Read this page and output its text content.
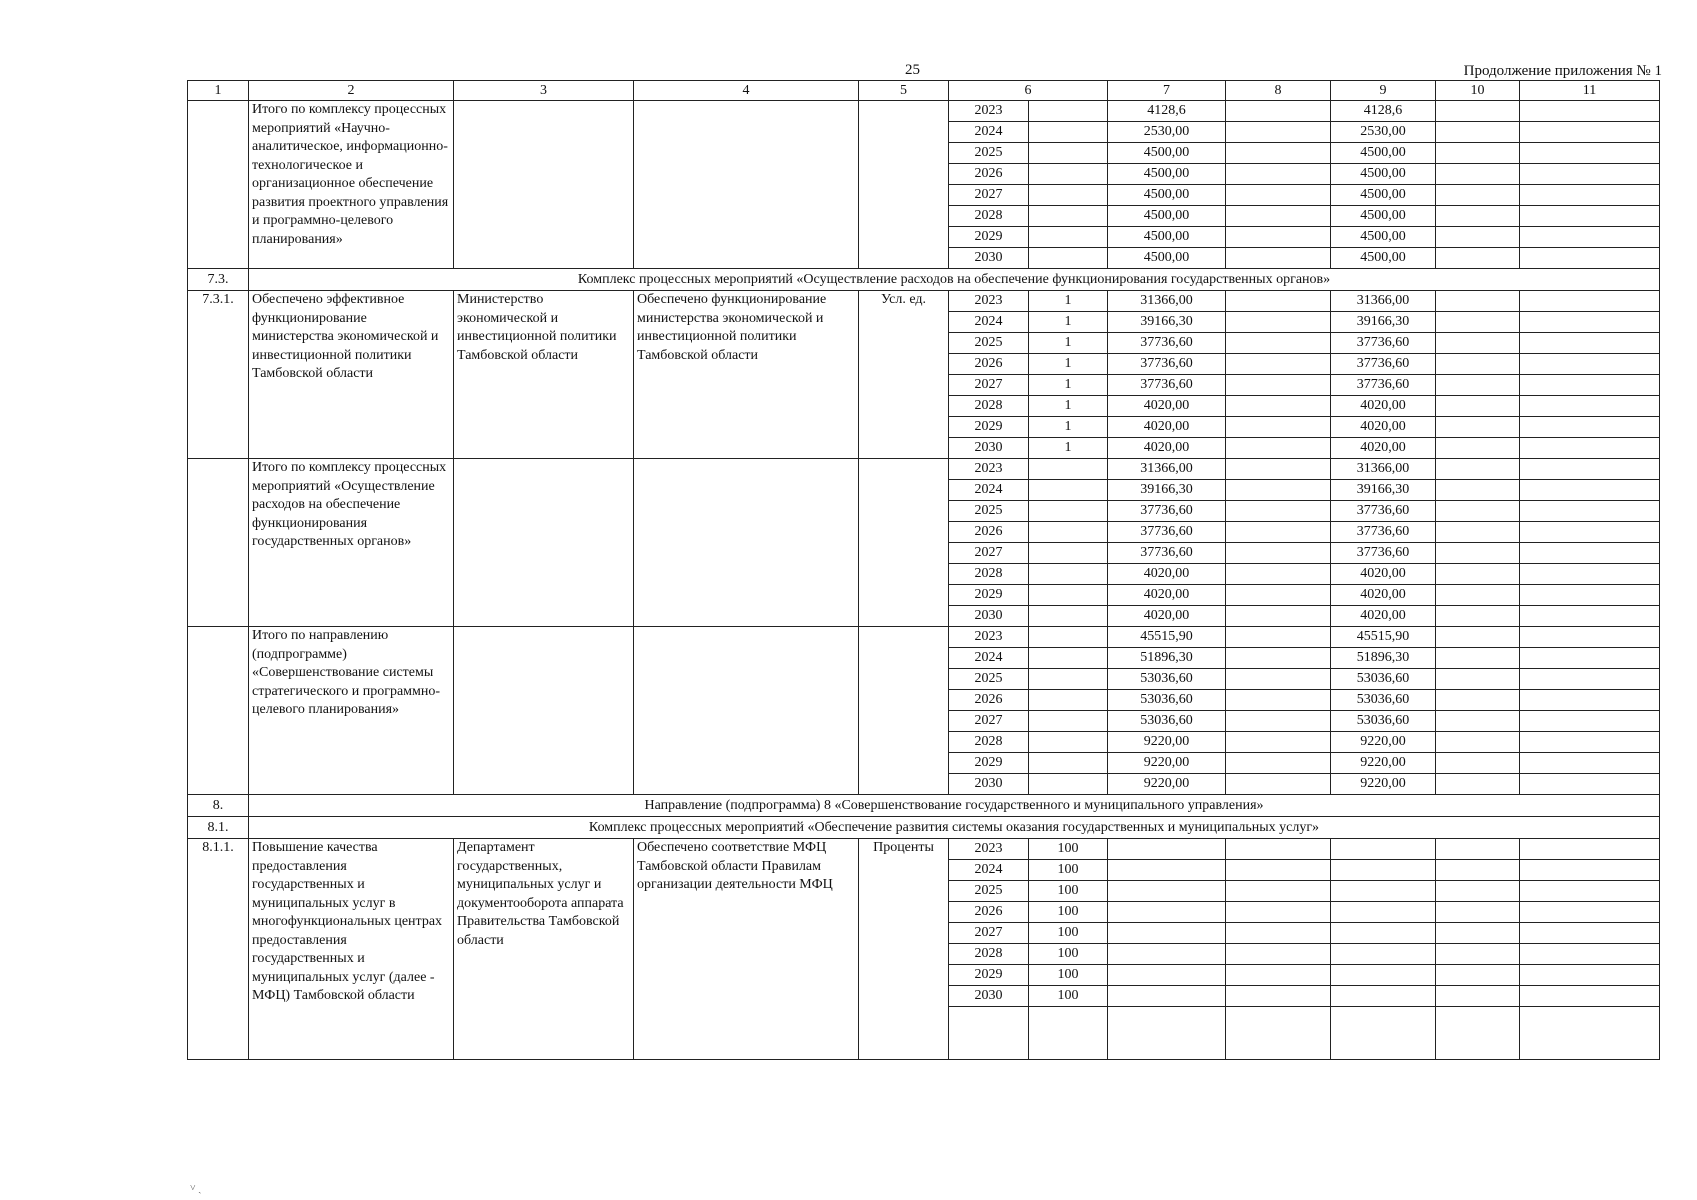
25	Продолжение приложения № 1
1	2	3	4	5	6		7	8	9	10	11
	Итого по комплексу процессных мероприятий «Научно-аналитическое, информационно-технологическое и организационное обеспечение развития проектного управления и программно-целевого планирования»				2023		4128,6		4128,6		
					2024		2530,00		2530,00		
					2025		4500,00		4500,00		
					2026		4500,00		4500,00		
					2027		4500,00		4500,00		
					2028		4500,00		4500,00		
					2029		4500,00		4500,00		
					2030		4500,00		4500,00		
7.3.	Комплекс процессных мероприятий «Осуществление расходов на обеспечение функционирования государственных органов»										
7.3.1.	Обеспечено эффективное функционирование министерства экономической и инвестиционной политики Тамбовской области	Министерство экономической и инвестиционной политики Тамбовской области	Обеспечено функционирование министерства экономической и инвестиционной политики Тамбовской области	Усл. ед.	2023	1	31366,00		31366,00		
					2024	1	39166,30		39166,30		
					2025	1	37736,60		37736,60		
					2026	1	37736,60		37736,60		
					2027	1	37736,60		37736,60		
					2028	1	4020,00		4020,00		
					2029	1	4020,00		4020,00		
					2030	1	4020,00		4020,00		
	Итого по комплексу процессных мероприятий «Осуществление расходов на обеспечение функционирования государственных органов»				2023		31366,00		31366,00		
					2024		39166,30		39166,30		
					2025		37736,60		37736,60		
					2026		37736,60		37736,60		
					2027		37736,60		37736,60		
					2028		4020,00		4020,00		
					2029		4020,00		4020,00		
					2030		4020,00		4020,00		
	Итого по направлению (подпрограмме) «Совершенствование системы стратегического и программно-целевого планирования»				2023		45515,90		45515,90		
					2024		51896,30		51896,30		
					2025		53036,60		53036,60		
					2026		53036,60		53036,60		
					2027		53036,60		53036,60		
					2028		9220,00		9220,00		
					2029		9220,00		9220,00		
					2030		9220,00		9220,00		
8.	Направление (подпрограмма) 8 «Совершенствование государственного и муниципального управления»										
8.1.	Комплекс процессных мероприятий «Обеспечение развития системы оказания государственных и муниципальных услуг»										
8.1.1.	Повышение качества предоставления государственных и муниципальных услуг в многофункциональных центрах предоставления государственных и муниципальных услуг (далее - МФЦ) Тамбовской области	Департамент государственных, муниципальных услуг и документооборота аппарата Правительства Тамбовской области	Обеспечено соответствие МФЦ Тамбовской области Правилам организации деятельности МФЦ	Проценты	2023	100					
					2024	100					
					2025	100					
					2026	100					
					2027	100					
					2028	100					
					2029	100					
					2030	100					

˅ ˎ
